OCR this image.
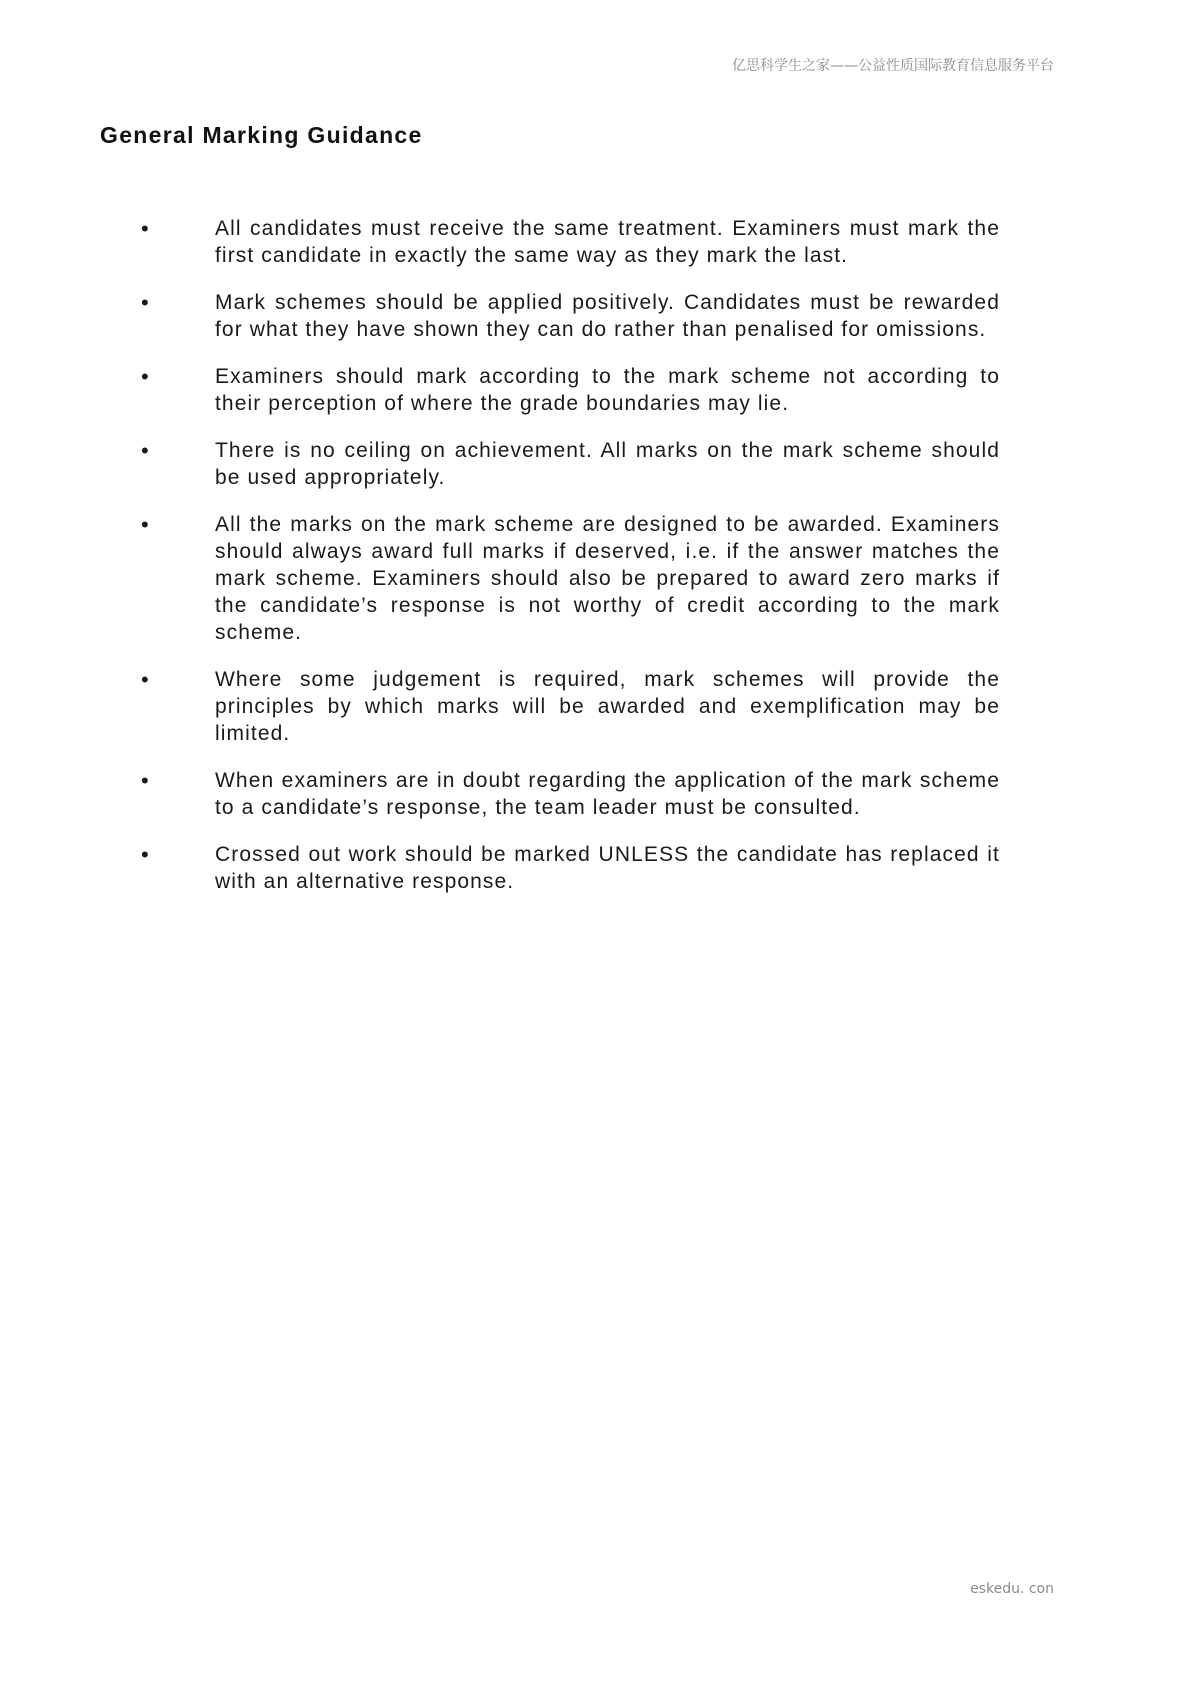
亿思科学生之家——公益性质国际教育信息服务平台
General Marking Guidance
•	All candidates must receive the same treatment. Examiners must mark the first candidate in exactly the same way as they mark the last.
•	Mark schemes should be applied positively. Candidates must be rewarded for what they have shown they can do rather than penalised for omissions.
•	Examiners should mark according to the mark scheme not according to their perception of where the grade boundaries may lie.
•	There is no ceiling on achievement. All marks on the mark scheme should be used appropriately.
•	All the marks on the mark scheme are designed to be awarded. Examiners should always award full marks if deserved, i.e. if the answer matches the mark scheme. Examiners should also be prepared to award zero marks if the candidate’s response is not worthy of credit according to the mark scheme.
•	Where some judgement is required, mark schemes will provide the principles by which marks will be awarded and exemplification may be limited.
•	When examiners are in doubt regarding the application of the mark scheme to a candidate’s response, the team leader must be consulted.
•	Crossed out work should be marked UNLESS the candidate has replaced it with an alternative response.
eskedu. con
